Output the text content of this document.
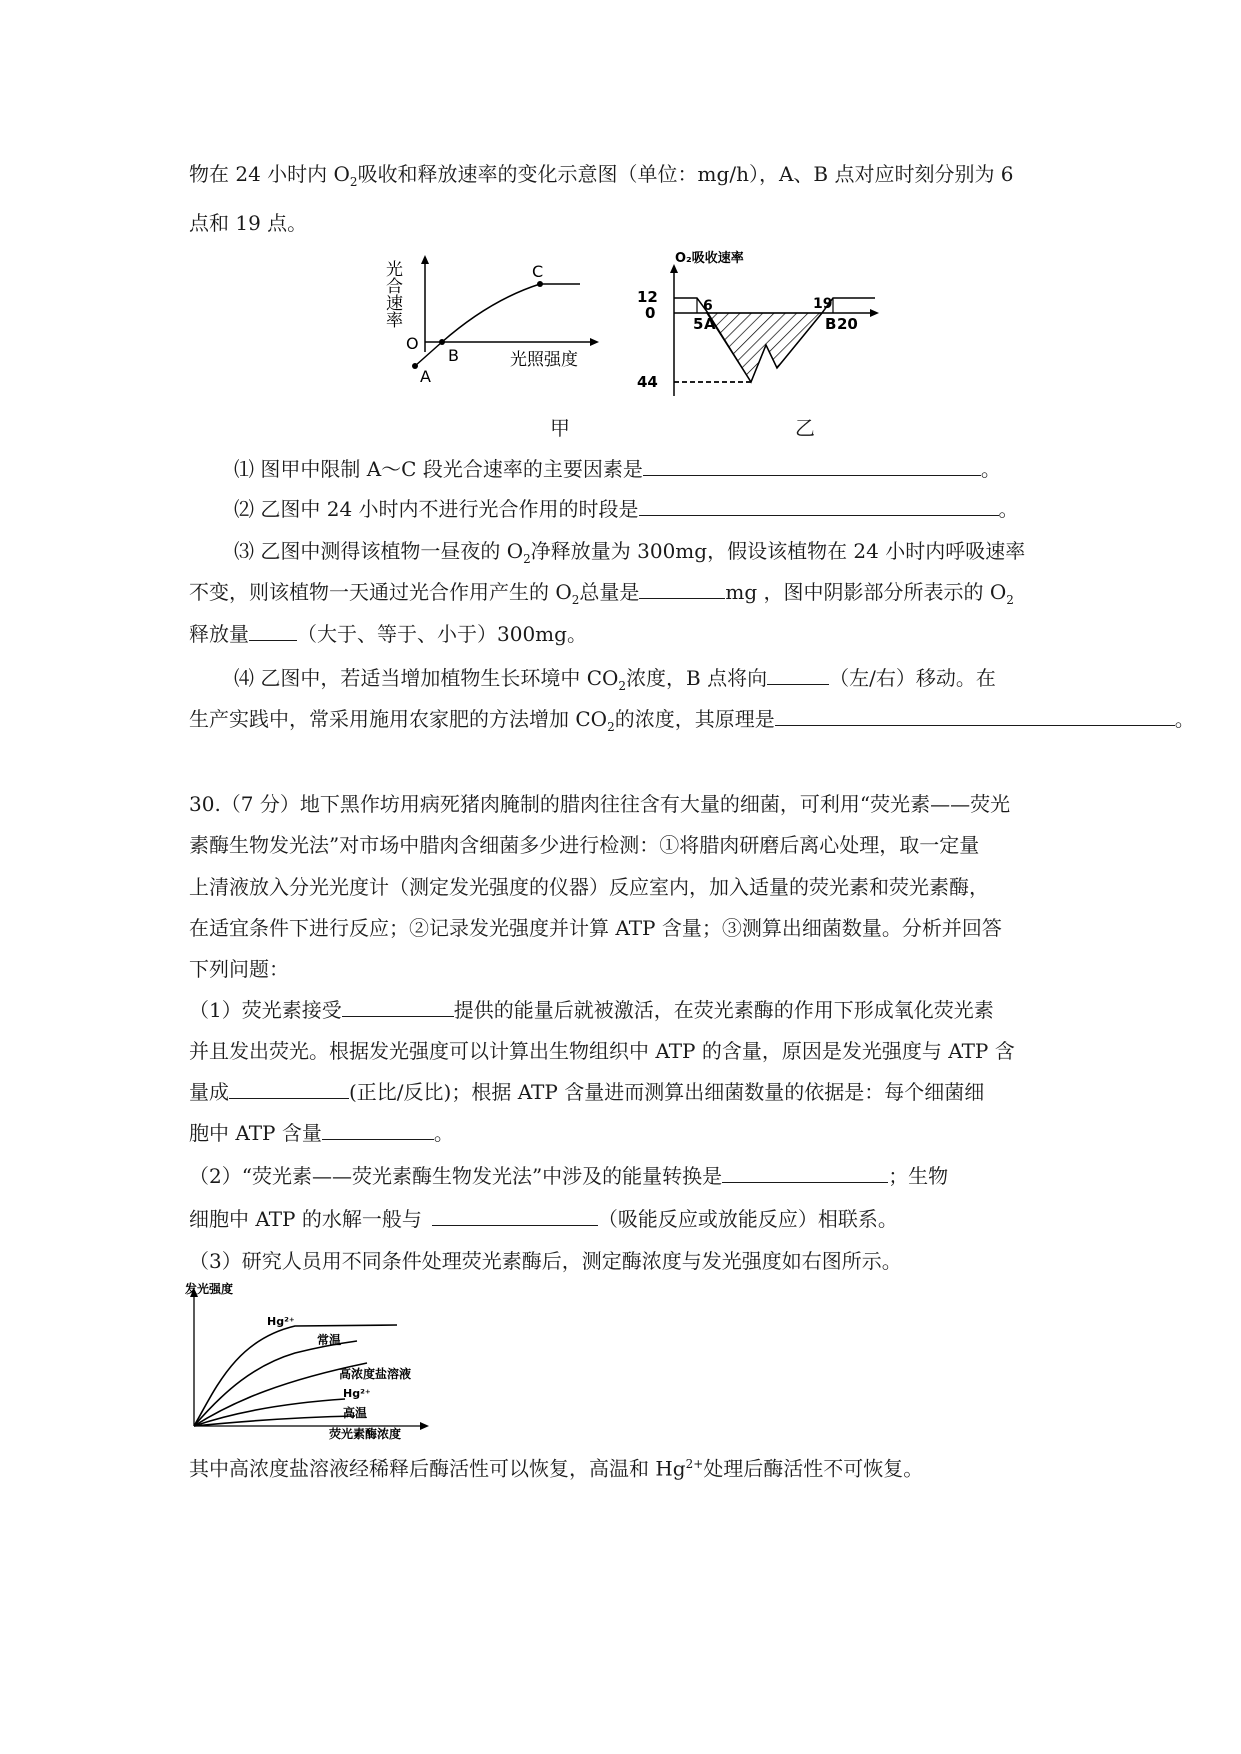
物在 24 小时内 $O_2$吸收和释放速率的变化示意图（单位：mg/h），A、B 点对应时刻分别为 6
点和 19 点。
光
合
速
率
O
A
B
C
光照强度
甲
O₂吸收速率
12
0
44
6
5 A
19
B 20
乙
⑴ 图甲中限制 A～C 段光合速率的主要因素是	。
⑵ 乙图中 24 小时内不进行光合作用的时段是	。
⑶ 乙图中测得该植物一昼夜的 $O_2$净释放量为 300mg，假设该植物在 24 小时内呼吸速率
不变，则该植物一天通过光合作用产生的 $O_2$总量是	mg ，图中阴影部分所表示的 $O_2$
释放量 （大于、等于、小于）300mg。
⑷ 乙图中，若适当增加植物生长环境中 $CO_2$浓度，B 点将向	（左/右）移动。在
生产实践中，常采用施用农家肥的方法增加 $CO_2$的浓度，其原理是	。
30.（7 分）地下黑作坊用病死猪肉腌制的腊肉往往含有大量的细菌，可利用“荧光素——荧光
素酶生物发光法”对市场中腊肉含细菌多少进行检测：①将腊肉研磨后离心处理，取一定量
上清液放入分光光度计（测定发光强度的仪器）反应室内，加入适量的荧光素和荧光素酶，
在适宜条件下进行反应；②记录发光强度并计算 ATP 含量；③测算出细菌数量。分析并回答
下列问题：
（1）荧光素接受	提供的能量后就被激活，在荧光素酶的作用下形成氧化荧光素
并且发出荧光。根据发光强度可以计算出生物组织中 ATP 的含量，原因是发光强度与 ATP 含
量成	(正比/反比)；根据 ATP 含量进而测算出细菌数量的依据是：每个细菌细
胞中 ATP 含量	。
（2）“荧光素——荧光素酶生物发光法”中涉及的能量转换是	；生物
细胞中 ATP 的水解一般与	（吸能反应或放能反应）相联系。
（3）研究人员用不同条件处理荧光素酶后，测定酶浓度与发光强度如右图所示。
发光强度
Hg²⁺
常温
高浓度盐溶液
Hg²⁺
高温
荧光素酶浓度
其中高浓度盐溶液经稀释后酶活性可以恢复，高温和 $Hg^{2+}$处理后酶活性不可恢复。
